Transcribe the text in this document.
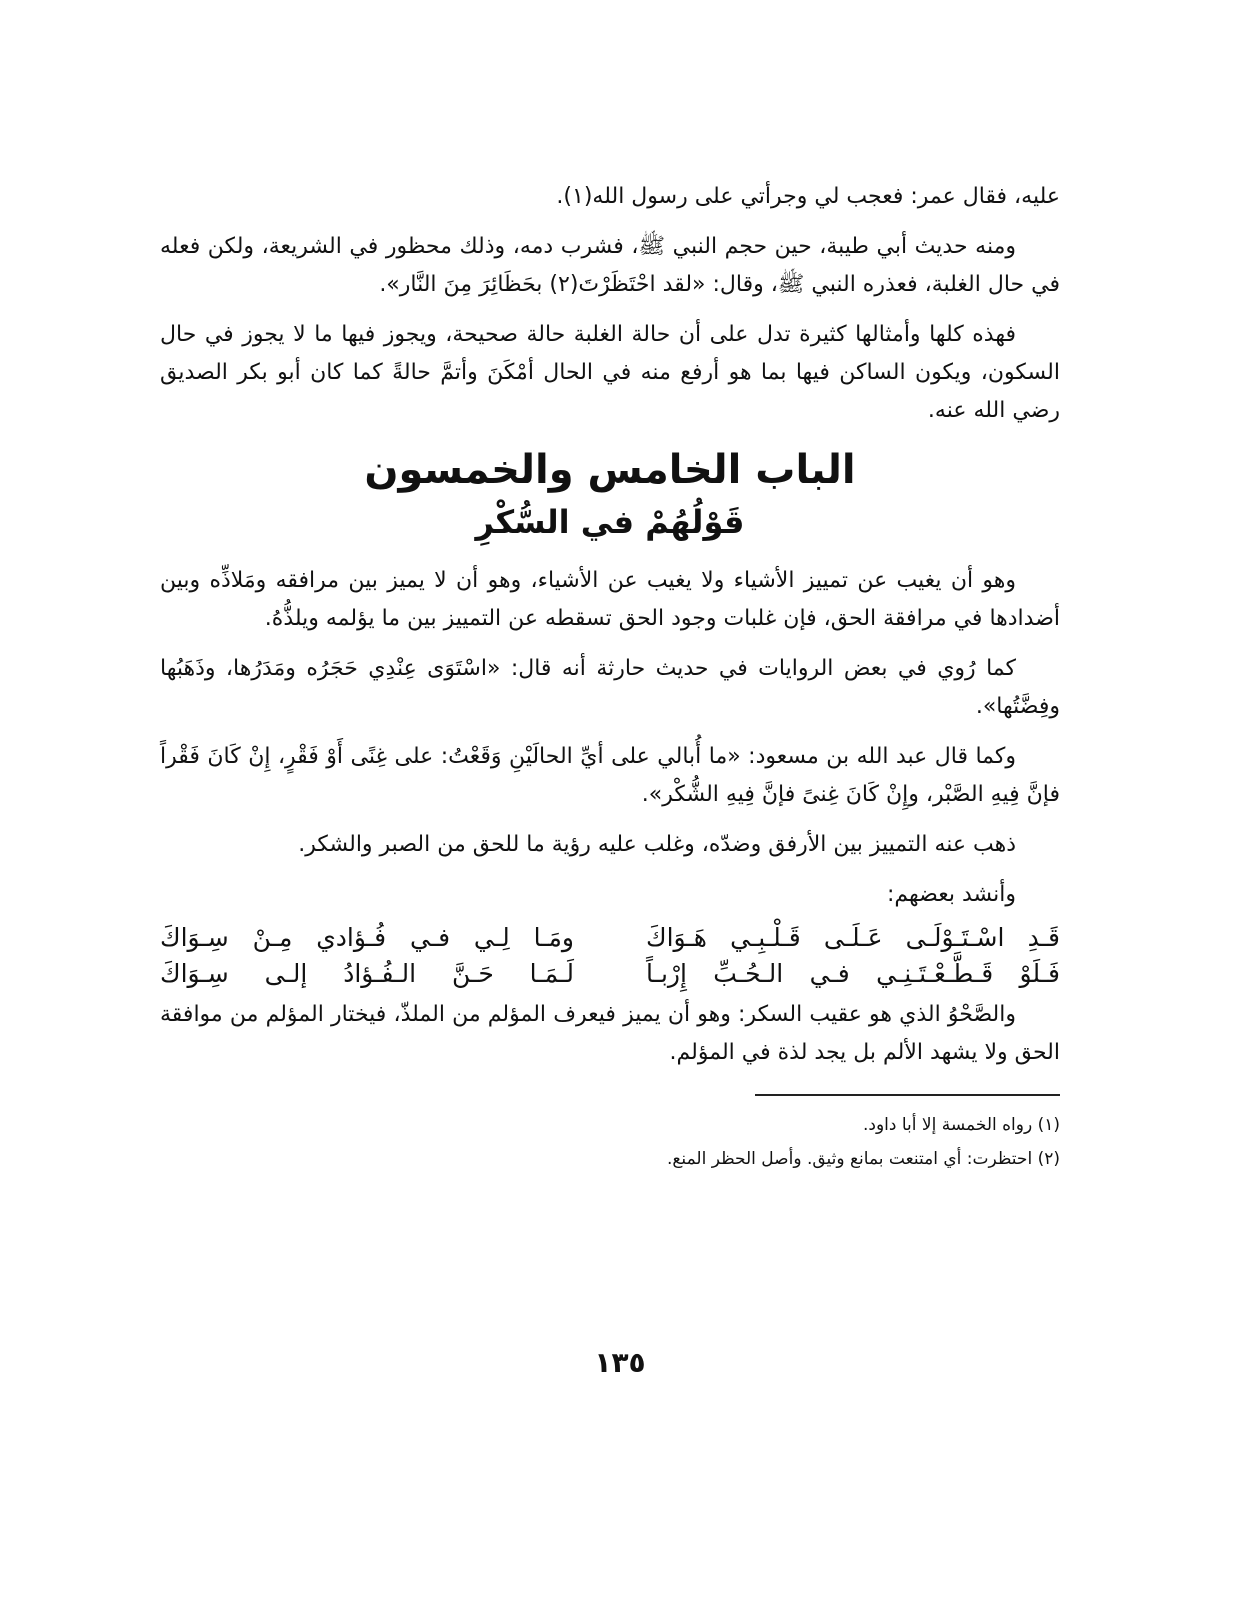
عليه، فقال عمر: فعجب لي وجرأتي على رسول الله(١).

ومنه حديث أبي طيبة، حين حجم النبي ﷺ، فشرب دمه، وذلك محظور في الشريعة، ولكن فعله في حال الغلبة، فعذره النبي ﷺ، وقال: «لقد احْتَظَرْتَ(٢) بحَظَائِرَ مِنَ النَّار».

فهذه كلها وأمثالها كثيرة تدل على أن حالة الغلبة حالة صحيحة، ويجوز فيها ما لا يجوز في حال السكون، ويكون الساكن فيها بما هو أرفع منه في الحال أمْكَنَ وأتمَّ حالةً كما كان أبو بكر الصديق رضي الله عنه.

الباب الخامس والخمسون
قَوْلُهُمْ في السُّكْرِ

وهو أن يغيب عن تمييز الأشياء ولا يغيب عن الأشياء، وهو أن لا يميز بين مرافقه ومَلاذِّه وبين أضدادها في مرافقة الحق، فإن غلبات وجود الحق تسقطه عن التمييز بين ما يؤلمه ويلذُّهُ.

كما رُوي في بعض الروايات في حديث حارثة أنه قال: «اسْتَوَى عِنْدِي حَجَرُه ومَدَرُها، وذَهَبُها وفِضَّتُها».

وكما قال عبد الله بن مسعود: «ما أُبالي على أيِّ الحالَيْنِ وَقَعْتُ: على غِنًى أَوْ فَقْرٍ، إِنْ كَانَ فَقْراً فإنَّ فِيهِ الصَّبْر، وإِنْ كَانَ غِنىً فإنَّ فِيهِ الشُّكْر».

ذهب عنه التمييز بين الأرفق وضدّه، وغلب عليه رؤية ما للحق من الصبر والشكر.

وأنشد بعضهم:

قَـدِ اسْـتَـوْلَـى عَـلَـى قَـلْـبِـي هَـوَاكَ
ومَـا لِـي فـي فُـؤادي مِـنْ سِـوَاكَ
فَـلَوْ قَـطَّـعْـتَـنِـي فـي الـحُـبِّ إِرْبـاً
لَـمَـا حَـنَّ الـفُـؤادُ إلـى سِـوَاكَ

والصَّحْوُ الذي هو عقيب السكر: وهو أن يميز فيعرف المؤلم من الملذّ، فيختار المؤلم من موافقة الحق ولا يشهد الألم بل يجد لذة في المؤلم.

(١) رواه الخمسة إلا أبا داود.

(٢) احتظرت: أي امتنعت بمانع وثيق. وأصل الحظر المنع.

١٣٥
